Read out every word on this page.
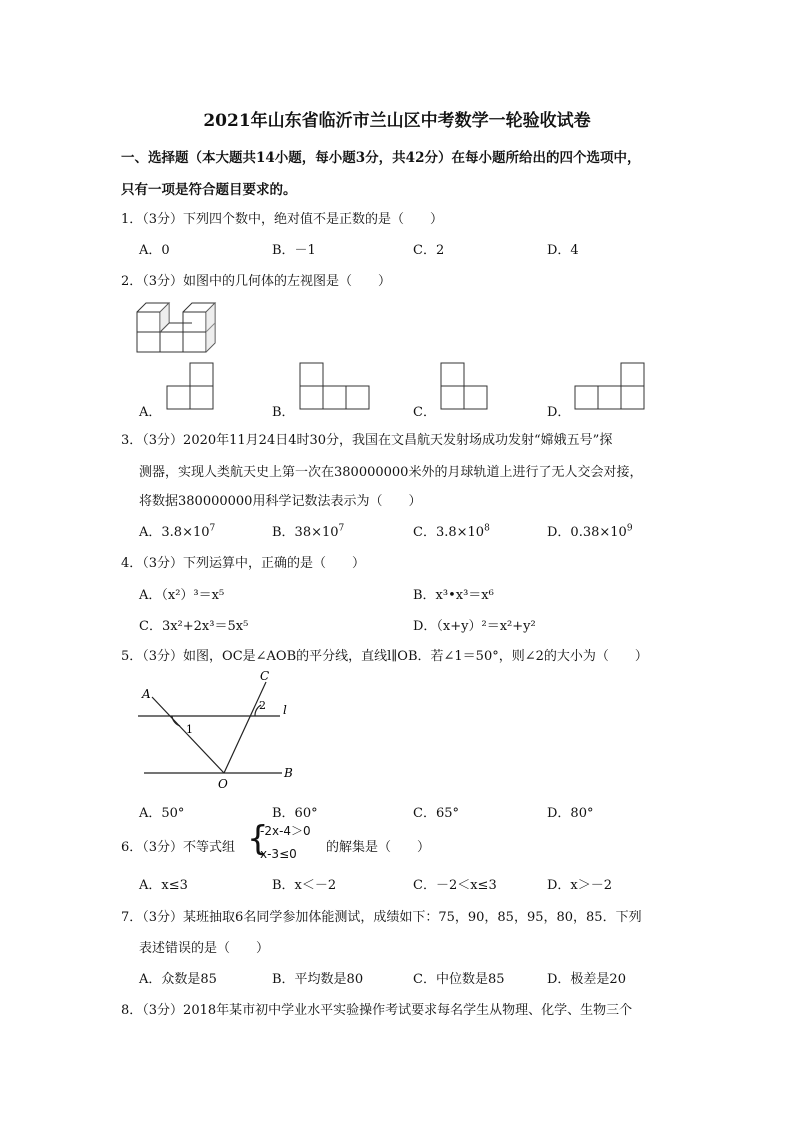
2021年山东省临沂市兰山区中考数学一轮验收试卷
一、选择题（本大题共14小题，每小题3分，共42分）在每小题所给出的四个选项中，
只有一项是符合题目要求的。
1．（3分）下列四个数中，绝对值不是正数的是（　　）
A．0	B．－1	C．2	D．4
2．（3分）如图中的几何体的左视图是（　　）
A．	B．	C．	D．
3．（3分）2020年11月24日4时30分，我国在文昌航天发射场成功发射“嫦娥五号”探
测器，实现人类航天史上第一次在380000000米外的月球轨道上进行了无人交会对接，
将数据380000000用科学记数法表示为（　　）
A．$3.8\times 10^7$	B．$38\times 10^7$	C．$3.8\times 10^8$	D．$0.38\times 10^9$
4．（3分）下列运算中，正确的是（　　）
A．（x²）³＝x⁵	B．x³•x³＝x⁶
C．3x²+2x³＝5x⁵	D．（x+y）²＝x²+y²
5．（3分）如图，OC是∠AOB的平分线，直线l∥OB．若∠1＝50°，则∠2的大小为（　　）
A
C
l
1
2
O
B
A．50°	B．60°	C．65°	D．80°
6．（3分）不等式组 {
-2x-4＞0
x-3≤0 的解集是（　　）
A．x≤3	B．x＜－2	C．－2＜x≤3	D．x＞－2
7．（3分）某班抽取6名同学参加体能测试，成绩如下：75，90，85，95，80，85．下列
表述错误的是（　　）
A．众数是85	B．平均数是80	C．中位数是85	D．极差是20
8．（3分）2018年某市初中学业水平实验操作考试要求每名学生从物理、化学、生物三个
